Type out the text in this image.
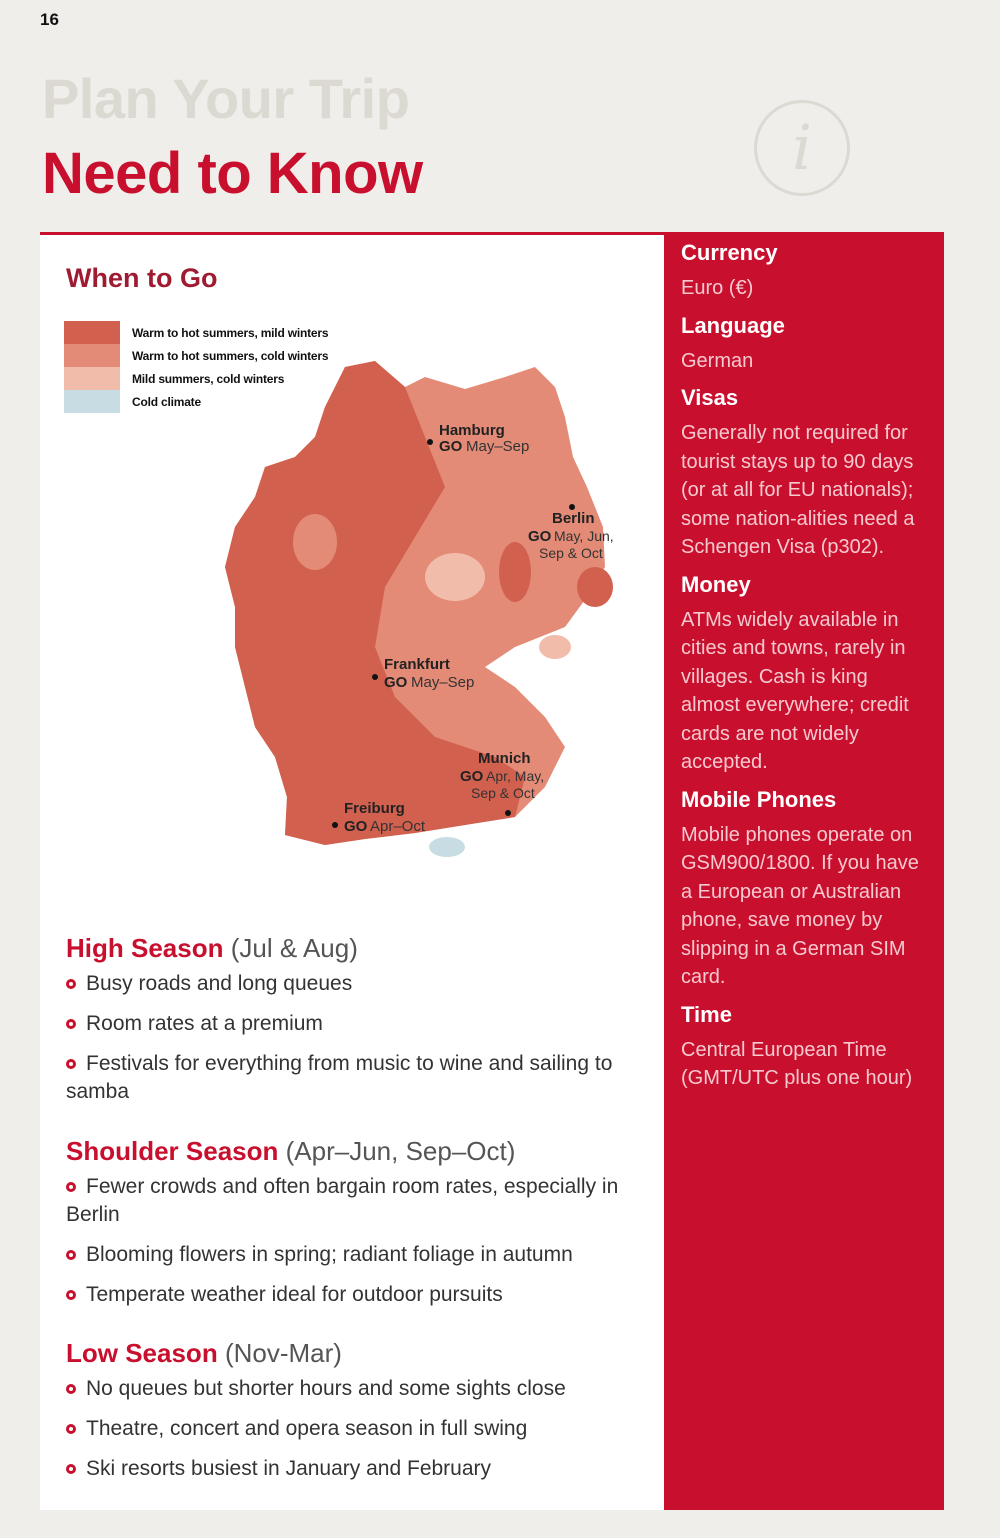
16
Plan Your Trip
Need to Know	i
When to Go
Warm to hot summers, mild winters
Warm to hot summers, cold winters
Mild summers, cold winters
Cold climate
Hamburg
GO May–Sep
Berlin
GO May, Jun,
Sep & Oct
Frankfurt
GO May–Sep
Munich
GO Apr, May,
Sep & Oct
Freiburg
GO Apr–Oct
High Season (Jul & Aug)
Busy roads and long queues
Room rates at a premium
Festivals for everything from music to wine and sailing to samba
Shoulder Season (Apr–Jun, Sep–Oct)
Fewer crowds and often bargain room rates, especially in Berlin
Blooming flowers in spring; radiant foliage in autumn
Temperate weather ideal for outdoor pursuits
Low Season (Nov-Mar)
No queues but shorter hours and some sights close
Theatre, concert and opera season in full swing
Ski resorts busiest in January and February
Currency
Euro (€)
Language
German
Visas
Generally not required for tourist stays up to 90 days (or at all for EU nationals); some nation-alities need a Schengen Visa (p302).
Money
ATMs widely available in cities and towns, rarely in villages. Cash is king almost everywhere; credit cards are not widely accepted.
Mobile Phones
Mobile phones operate on GSM900/1800. If you have a European or Australian phone, save money by slipping in a German SIM card.
Time
Central European Time (GMT/UTC plus one hour)
